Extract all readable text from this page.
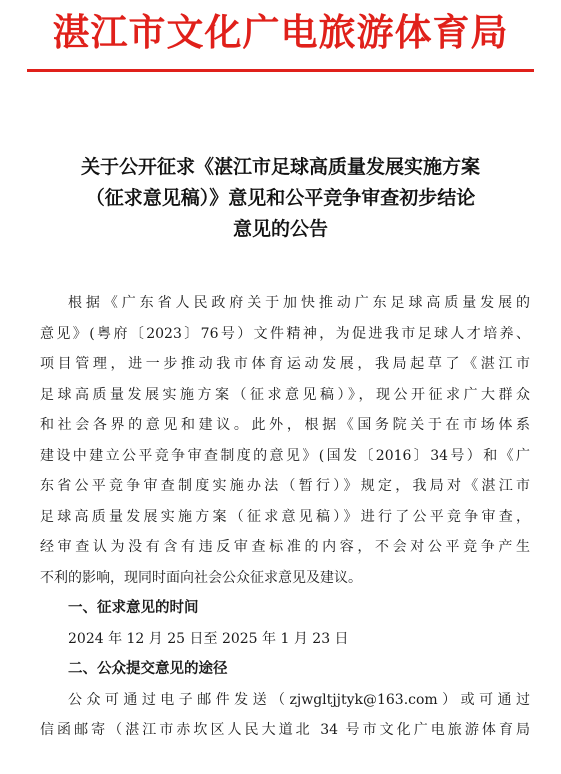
湛江市文化广电旅游体育局
关于公开征求《湛江市足球高质量发展实施方案
（征求意见稿）》意见和公平竞争审查初步结论
意见的公告
根据《广东省人民政府关于加快推动广东足球高质量发展的
意见》(粤府〔2023〕76号）文件精神，为促进我市足球人才培养、
项目管理，进一步推动我市体育运动发展，我局起草了《湛江市
足球高质量发展实施方案（征求意见稿）》，现公开征求广大群众
和社会各界的意见和建议。此外，根据《国务院关于在市场体系
建设中建立公平竞争审查制度的意见》(国发〔2016〕34号）和《广
东省公平竞争审查制度实施办法（暂行）》规定，我局对《湛江市
足球高质量发展实施方案（征求意见稿）》进行了公平竞争审查，
经审查认为没有含有违反审查标准的内容，不会对公平竞争产生
不利的影响，现同时面向社会公众征求意见及建议。
一、征求意见的时间
2024 年 12 月 25 日至 2025 年 1 月 23 日
二、公众提交意见的途径
公众可通过电子邮件发送（zjwgltjjtyk@163.com）或可通过
信函邮寄（湛江市赤坎区人民大道北 34 号市文化广电旅游体育局
